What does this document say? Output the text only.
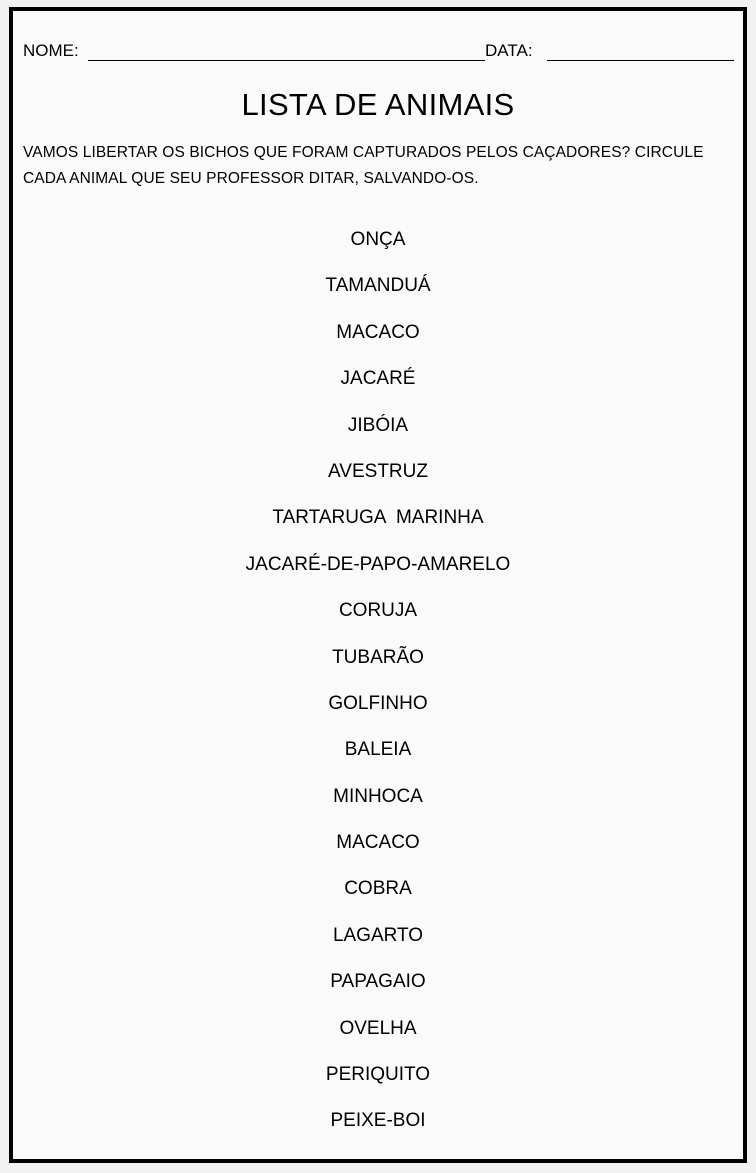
NOME:	DATA:
LISTA DE ANIMAIS
VAMOS LIBERTAR OS BICHOS QUE FORAM CAPTURADOS PELOS CAÇADORES? CIRCULE CADA ANIMAL QUE SEU PROFESSOR DITAR, SALVANDO-OS.
ONÇA
TAMANDUÁ
MACACO
JACARÉ
JIBÓIA
AVESTRUZ
TARTARUGA  MARINHA
JACARÉ-DE-PAPO-AMARELO
CORUJA
TUBARÃO
GOLFINHO
BALEIA
MINHOCA
MACACO
COBRA
LAGARTO
PAPAGAIO
OVELHA
PERIQUITO
PEIXE-BOI
